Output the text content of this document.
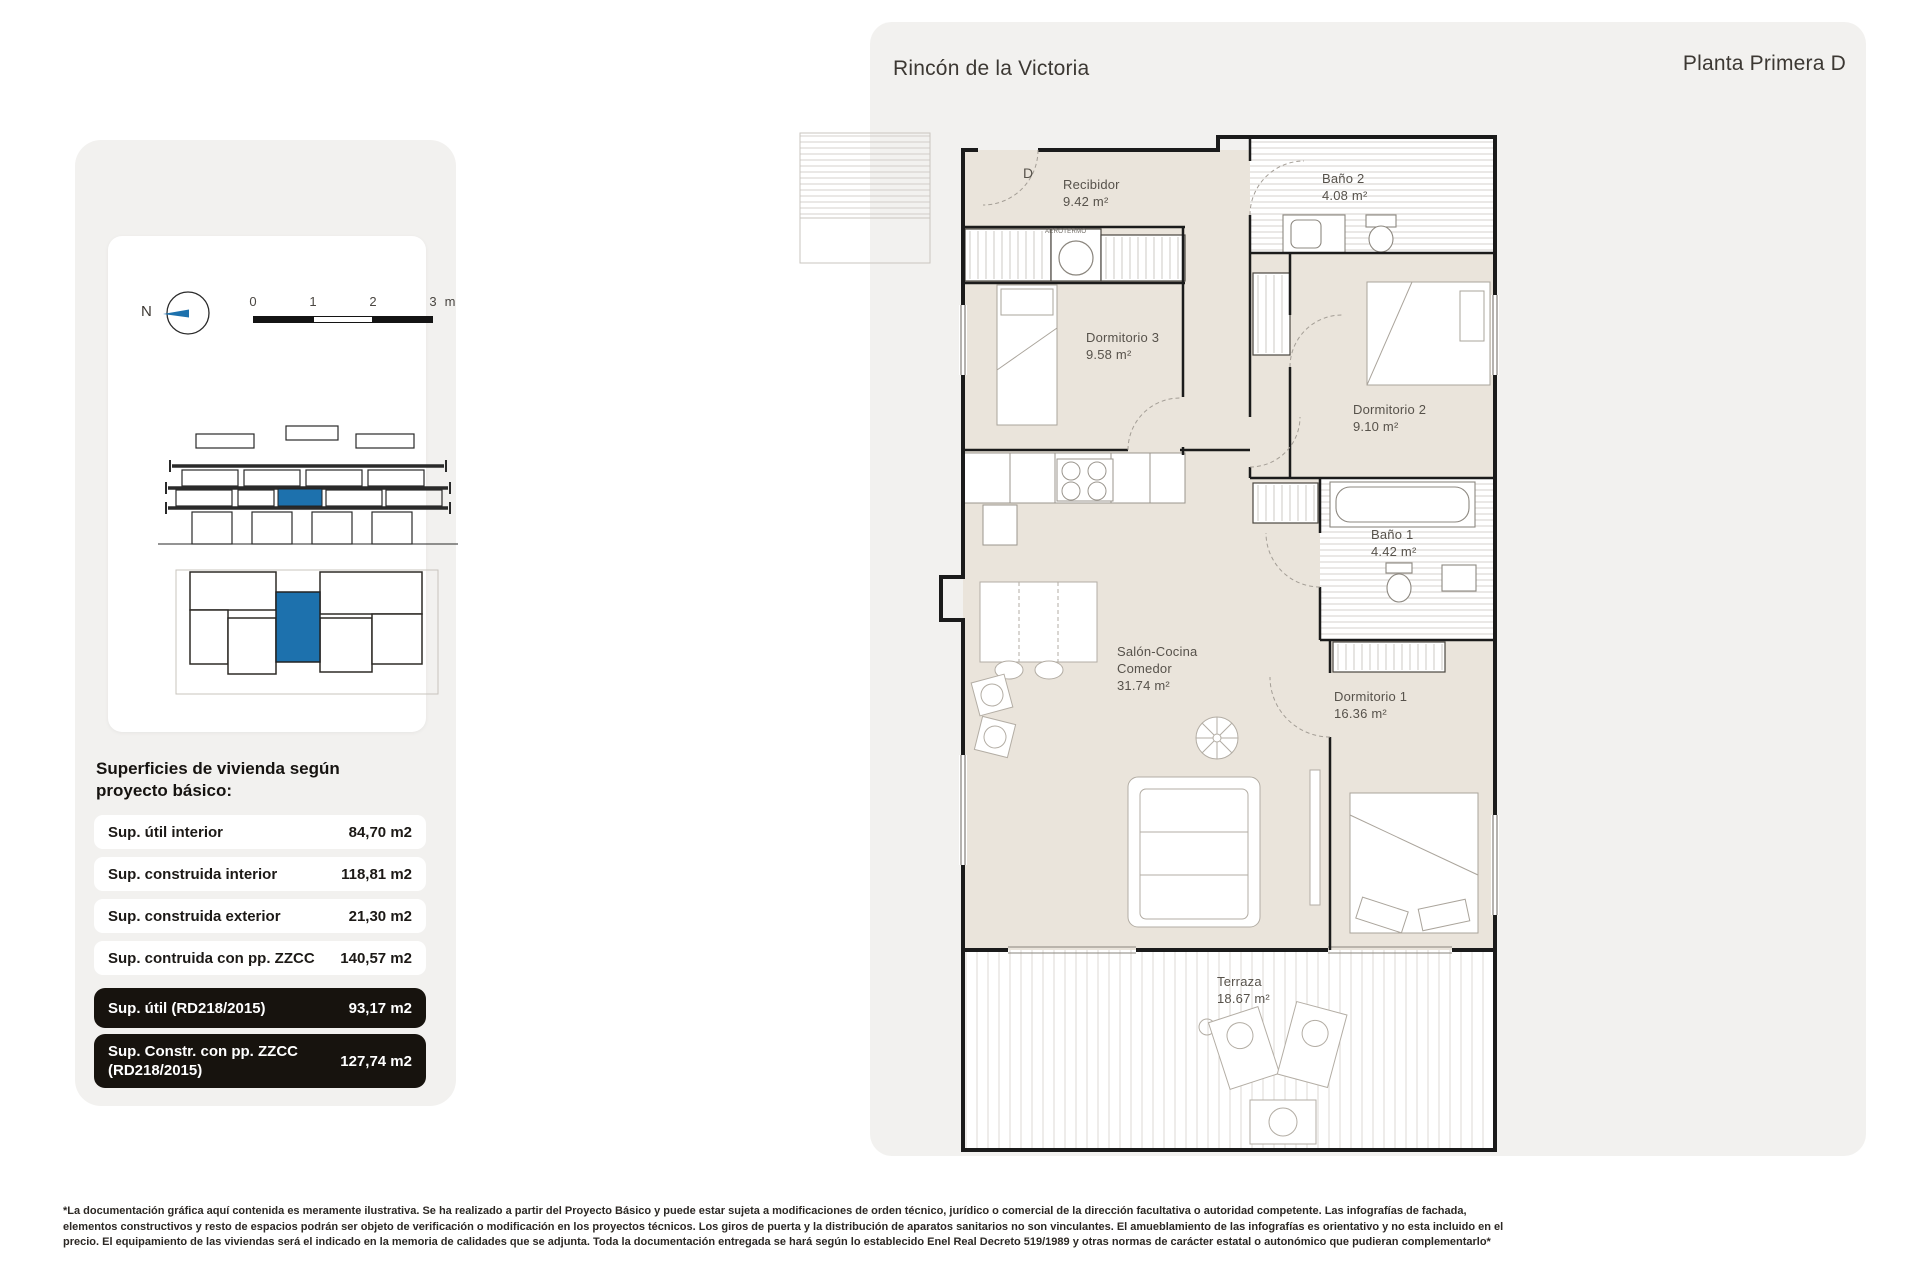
Rincón de la Victoria	Planta Primera D
D
AEROTERMO
Recibidor
9.42 m²
Baño 2
4.08 m²
Dormitorio 3
9.58 m²
Dormitorio 2
9.10 m²
Baño 1
4.42 m²
Salón-Cocina Comedor
31.74 m²
Dormitorio 1
16.36 m²
Terraza
18.67 m²
N
0	1	2	3 m
Superficies de vivienda según
proyecto básico:
Sup. útil interior	84,70 m2
Sup. construida interior	118,81 m2
Sup. construida exterior	21,30 m2
Sup. contruida con pp. ZZCC 140,57 m2
Sup. útil (RD218/2015)	93,17 m2
Sup. Constr. con pp. ZZCC (RD218/2015)
127,74 m2
*La documentación gráfica aquí contenida es meramente ilustrativa. Se ha realizado a partir del Proyecto Básico y puede estar sujeta a modificaciones de orden técnico, jurídico o comercial de la dirección facultativa o autoridad competente. Las infografías de fachada, elementos constructivos y resto de espacios podrán ser objeto de verificación o modificación en los proyectos técnicos. Los giros de puerta y la distribución de aparatos sanitarios no son vinculantes. El amueblamiento de las infografías es orientativo y no esta incluido en el precio. El equipamiento de las viviendas será el indicado en la memoria de calidades que se adjunta. Toda la documentación entregada se hará según lo establecido Enel Real Decreto 519/1989 y otras normas de carácter estatal o autonómico que pudieran complementarlo*
